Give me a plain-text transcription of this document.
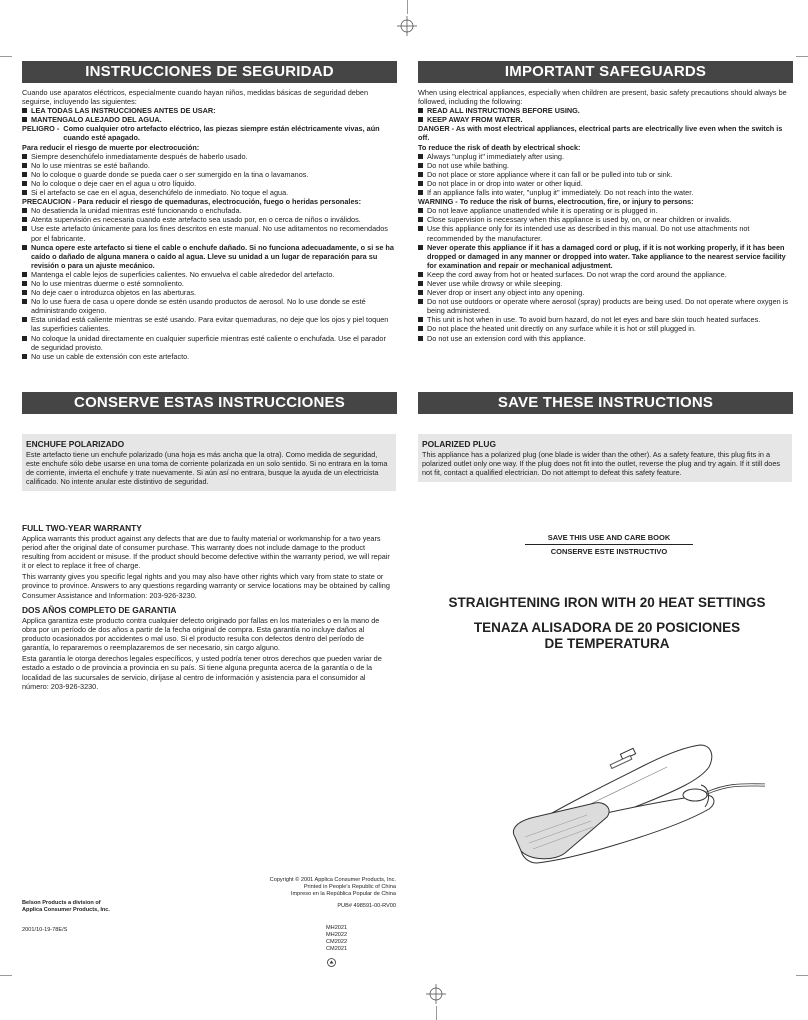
INSTRUCCIONES DE SEGURIDAD
Cuando use aparatos eléctricos, especialmente cuando hayan niños, medidas básicas de seguridad deben seguirse, incluyendo las siguientes:
LEA TODAS LAS INSTRUCCIONES ANTES DE USAR:
MANTENGALO ALEJADO DEL AGUA.
PELIGRO - Como cualquier otro artefacto eléctrico, las piezas siempre están eléctricamente vivas, aún cuando esté apagado.
Para reducir el riesgo de muerte por electrocución:
Siempre desenchúfelo inmediatamente después de haberlo usado.
No lo use mientras se esté bañando.
No lo coloque o guarde donde se pueda caer o ser sumergido en la tina o lavamanos.
No lo coloque o deje caer en el agua u otro líquido.
Si el artefacto se cae en el agua, desenchúfelo de inmediato. No toque el agua.
PRECAUCION - Para reducir el riesgo de quemaduras, electrocución, fuego o heridas personales:
No desatienda la unidad mientras esté funcionando o enchufada.
Atenta supervisión es necesaria cuando este artefacto sea usado por, en o cerca de niños o inválidos.
Use este artefacto únicamente para los fines descritos en este manual. No use aditamentos no recomendados por el fabricante.
Nunca opere este artefacto si tiene el cable o enchufe dañado. Si no funciona adecuadamente, o si se ha caído o dañado de alguna manera o caído al agua. Lleve su unidad a un lugar de reparación para su revisión o para un ajuste mecánico.
Mantenga el cable lejos de superficies calientes. No envuelva el cable alrededor del artefacto.
No lo use mientras duerme o esté somnoliento.
No deje caer o introduzca objetos en las aberturas.
No lo use fuera de casa u opere donde se estén usando productos de aerosol. No lo use donde se esté administrando oxigeno.
Esta unidad está caliente mientras se esté usando. Para evitar quemaduras, no deje que los ojos y piel toquen las superficies calientes.
No coloque la unidad directamente en cualquier superficie mientras esté caliente o enchufada. Use el parador de seguridad provisto.
No use un cable de extensión con este artefacto.
IMPORTANT SAFEGUARDS
When using electrical appliances, especially when children are present, basic safety precautions should always be followed, including the following:
READ ALL INSTRUCTIONS BEFORE USING.
KEEP AWAY FROM WATER.
DANGER - As with most electrical appliances, electrical parts are electrically live even when the switch is off.
To reduce the risk of death by electrical shock:
Always "unplug it" immediately after using.
Do not use while bathing.
Do not place or store appliance where it can fall or be pulled into tub or sink.
Do not place in or drop into water or other liquid.
If an appliance falls into water, "unplug it" immediately. Do not reach into the water.
WARNING - To reduce the risk of burns, electrocution, fire, or injury to persons:
Do not leave appliance unattended while it is operating or is plugged in.
Close supervision is necessary when this appliance is used by, on, or near children or invalids.
Use this appliance only for its intended use as described in this manual. Do not use attachments not recommended by the manufacturer.
Never operate this appliance if it has a damaged cord or plug, if it is not working properly, if it has been dropped or damaged in any manner or dropped into water. Take appliance to the nearest service facility for examination and repair or mechanical adjustment.
Keep the cord away from hot or heated surfaces. Do not wrap the cord around the appliance.
Never use while drowsy or while sleeping.
Never drop or insert any object into any opening.
Do not use outdoors or operate where aerosol (spray) products are being used. Do not operate where oxygen is being administered.
This unit is hot when in use. To avoid burn hazard, do not let eyes and bare skin touch heated surfaces.
Do not place the heated unit directly on any surface while it is hot or still plugged in.
Do not use an extension cord with this appliance.
CONSERVE ESTAS INSTRUCCIONES	SAVE THESE INSTRUCTIONS
ENCHUFE POLARIZADO
Este artefacto tiene un enchufe polarizado (una hoja es más ancha que la otra). Como medida de seguridad, este enchufe sólo debe usarse en una toma de corriente polarizada en un solo sentido. Si no entrara en la toma de corriente, invierta el enchufe y trate nuevamente. Si aún así no entrara, busque la ayuda de un electricista calificado. No intente anular este distintivo de seguridad.
POLARIZED PLUG
This appliance has a polarized plug (one blade is wider than the other). As a safety feature, this plug fits in a polarized outlet only one way. If the plug does not fit into the outlet, reverse the plug and try again. If it still does not fit, contact a qualified electrician. Do not attempt to defeat this safety feature.
FULL TWO-YEAR WARRANTY
Applica warrants this product against any defects that are due to faulty material or workmanship for a two years period after the original date of consumer purchase. This warranty does not include damage to the product resulting from accident or misuse. If the product should become defective within the warranty period, we will repair it or elect to replace it free of charge.
This warranty gives you specific legal rights and you may also have other rights which vary from state to state or province to province. Answers to any questions regarding warranty or service locations may be obtained by calling Consumer Assistance and Information: 203-926-3230.
DOS AÑOS COMPLETO DE GARANTIA
Applica garantiza este producto contra cualquier defecto originado por fallas en los materiales o en la mano de obra por un período de dos años a partir de la fecha original de compra. Esta garantía no incluye daños al producto ocasionados por accidentes o mal uso. Si el producto resulta con defectos dentro del período de garantía, lo repararemos o reemplazaremos de ser necesario, sin cargo alguno.
Esta garantía le otorga derechos legales específicos, y usted podría tener otros derechos que pueden variar de estado a estado o de provincia a provincia en su país. Si tiene alguna pregunta acerca de la garantía o de la localidad de las sucursales de servicio, diríjase al centro de información y asistencia para el consumidor al número: 203-926-3230.
SAVE THIS USE AND CARE BOOK
CONSERVE ESTE INSTRUCTIVO
STRAIGHTENING IRON WITH 20 HEAT SETTINGS
TENAZA ALISADORA DE 20 POSICIONES
DE TEMPERATURA
Copyright © 2001 Applica Consumer Products, Inc.
Printed in People's Republic of China
Impreso en la República Popular de China
PUB# 498591-00-RV00
Belson Products a division of
Applica Consumer Products, Inc.
2001/10-19-78E/S	MH2021
MH2022
CM2022
CM2021
